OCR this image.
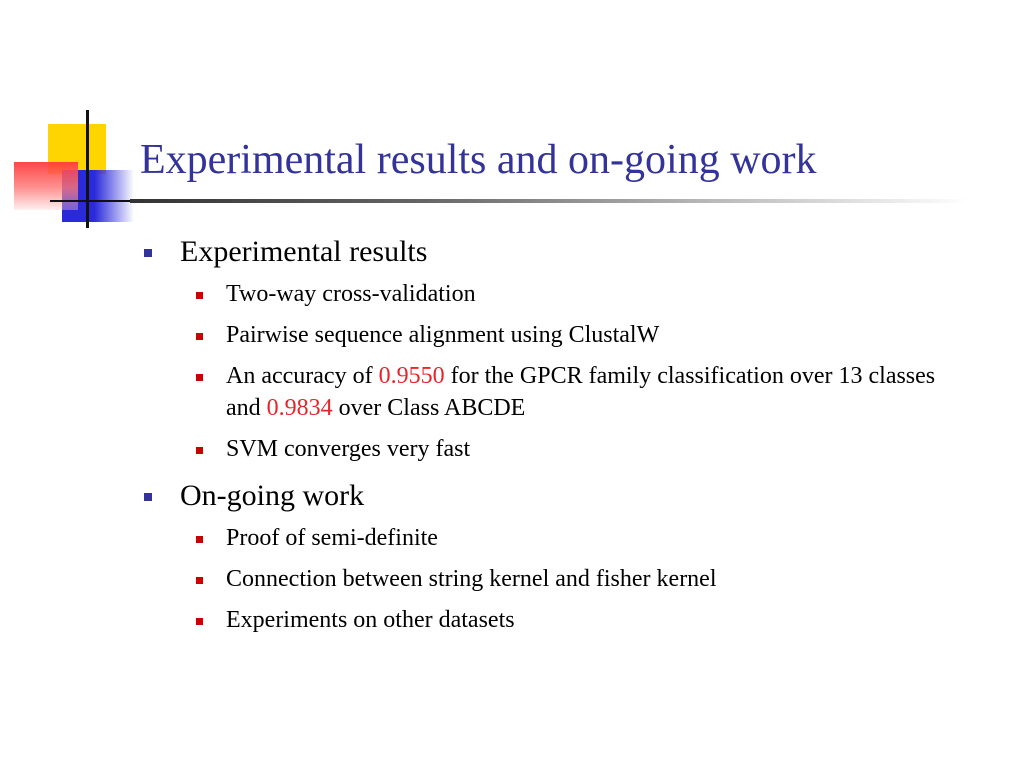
Experimental results and on-going work
Experimental results
Two-way cross-validation
Pairwise sequence alignment using ClustalW
An accuracy of 0.9550 for the GPCR family classification over 13 classes and 0.9834 over Class ABCDE
SVM converges very fast
On-going work
Proof of semi-definite
Connection between string kernel and fisher kernel
Experiments on other datasets
